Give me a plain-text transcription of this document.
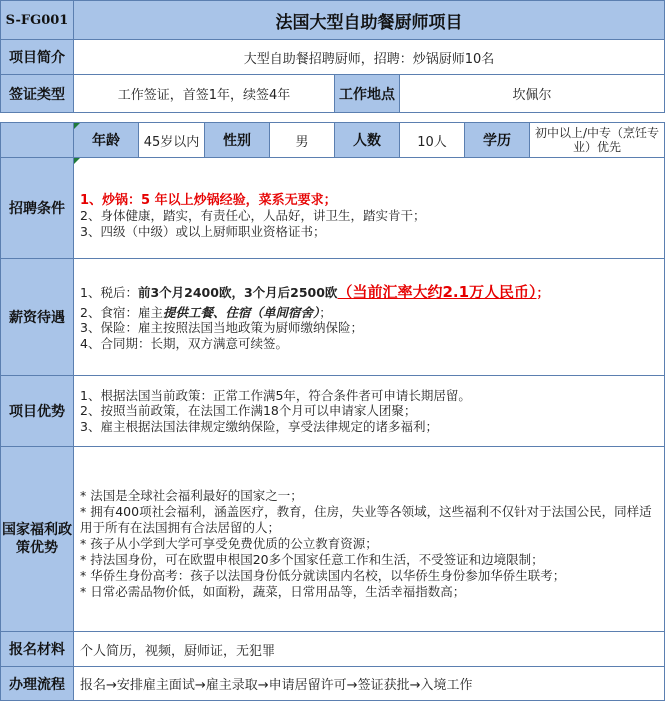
S-FG001	法国大型自助餐厨师项目
项目简介	大型自助餐招聘厨师，招聘：炒锅厨师10名
签证类型	工作签证，首签1年，续签4年	工作地点	坎佩尔
年龄 45岁以内 性别	男	人数	10人	学历	初中以上/中专（烹饪专业）优先
招聘条件
1、炒锅：5 年以上炒锅经验，菜系无要求；
2、身体健康，踏实，有责任心，人品好，讲卫生，踏实肯干；
3、四级（中级）或以上厨师职业资格证书；
薪资待遇
1、税后：前3个月2400欧，3个月后2500欧（当前汇率大约2.1万人民币）；
2、食宿：雇主提供工餐、住宿（单间宿舍）；
3、保险：雇主按照法国当地政策为厨师缴纳保险；
4、合同期：长期，双方满意可续签。
项目优势
1、根据法国当前政策：正常工作满5年，符合条件者可申请长期居留。
2、按照当前政策，在法国工作满18个月可以申请家人团聚；
3、雇主根据法国法律规定缴纳保险，享受法律规定的诸多福利；
国家福利政策优势
* 法国是全球社会福利最好的国家之一；
* 拥有400项社会福利，涵盖医疗，教育，住房，失业等各领域，这些福利不仅针对于法国公民，同样适用于所有在法国拥有合法居留的人；
* 孩子从小学到大学可享受免费优质的公立教育资源；
* 持法国身份，可在欧盟申根国20多个国家任意工作和生活，不受签证和边境限制；
* 华侨生身份高考：孩子以法国身份低分就读国内名校，以华侨生身份参加华侨生联考；
* 日常必需品物价低，如面粉，蔬菜，日常用品等，生活幸福指数高；
报名材料 个人简历，视频，厨师证，无犯罪
办理流程 报名→安排雇主面试→雇主录取→申请居留许可→签证获批→入境工作
